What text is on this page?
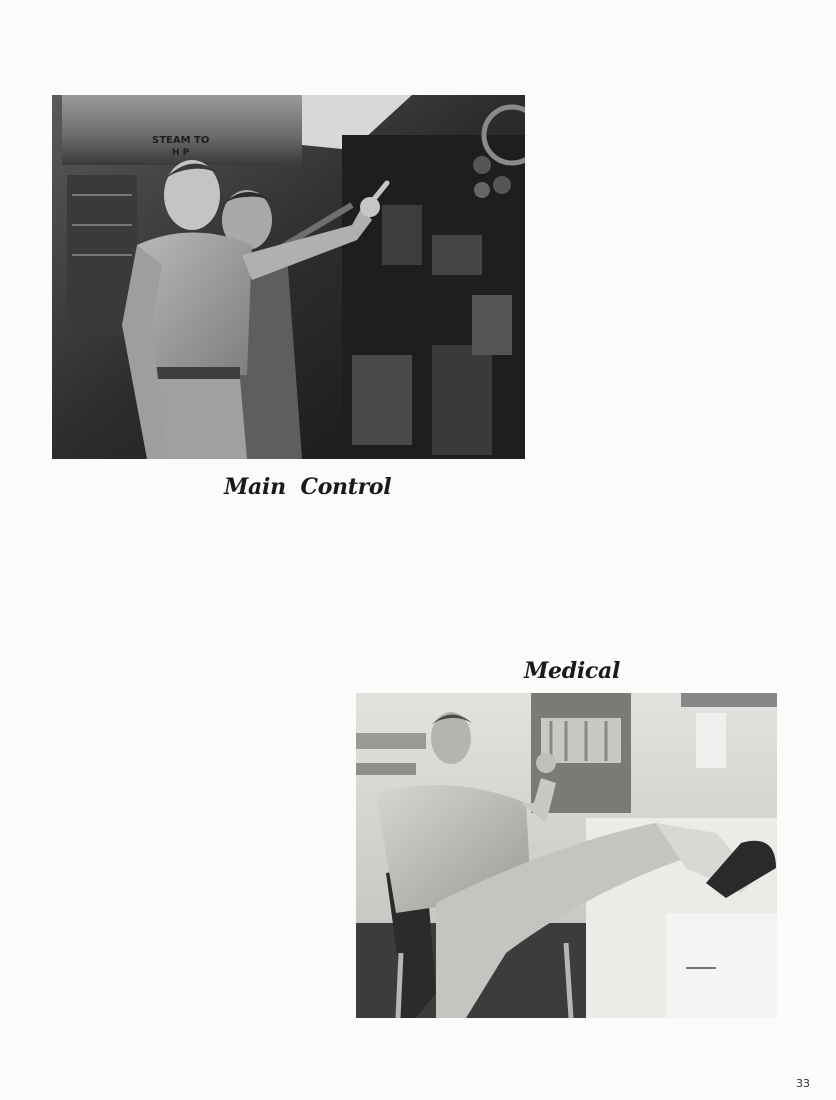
STEAM TO
H P
Main  Control
Medical
33
